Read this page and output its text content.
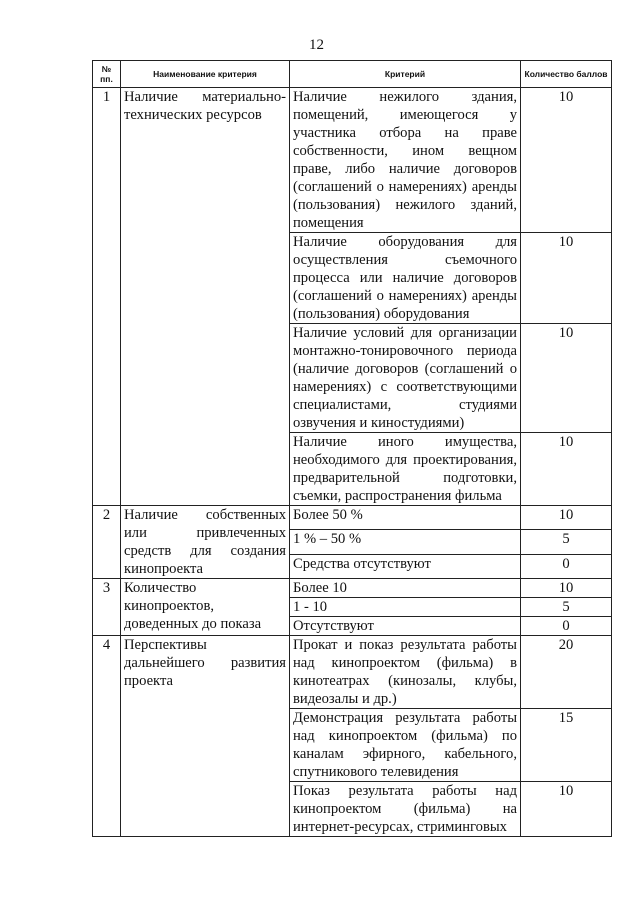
12
№ пп.	Наименование критерия	Критерий	Количество баллов
1	Наличие материально-технических ресурсов	Наличие нежилого здания, помещений, имеющегося у участника отбора на праве собственности, ином вещном праве, либо наличие договоров (соглашений о намерениях) аренды (пользования) нежилого зданий, помещения	10
		Наличие оборудования для осуществления съемочного процесса или наличие договоров (соглашений о намерениях) аренды (пользования) оборудования	10
		Наличие условий для организации монтажно-тонировочного периода (наличие договоров (соглашений о намерениях) с соответствующими специалистами, студиями озвучения и киностудиями)	10
		Наличие иного имущества, необходимого для проектирования, предварительной подготовки, съемки, распространения фильма	10
2	Наличие собственных или привлеченных средств для создания кинопроекта	Более 50 %	10
		1 % – 50 %	5
		Средства отсутствуют	0
3	Количество кинопроектов, доведенных до показа	Более 10	10
		1 - 10	5
		Отсутствуют	0
4	Перспективы дальнейшего развития проекта	Прокат и показ результата работы над кинопроектом (фильма) в кинотеатрах (кинозалы, клубы, видеозалы и др.)	20
		Демонстрация результата работы над кинопроектом (фильма) по каналам эфирного, кабельного, спутникового телевидения	15
		Показ результата работы над кинопроектом (фильма) на интернет-ресурсах, стриминговых	10
